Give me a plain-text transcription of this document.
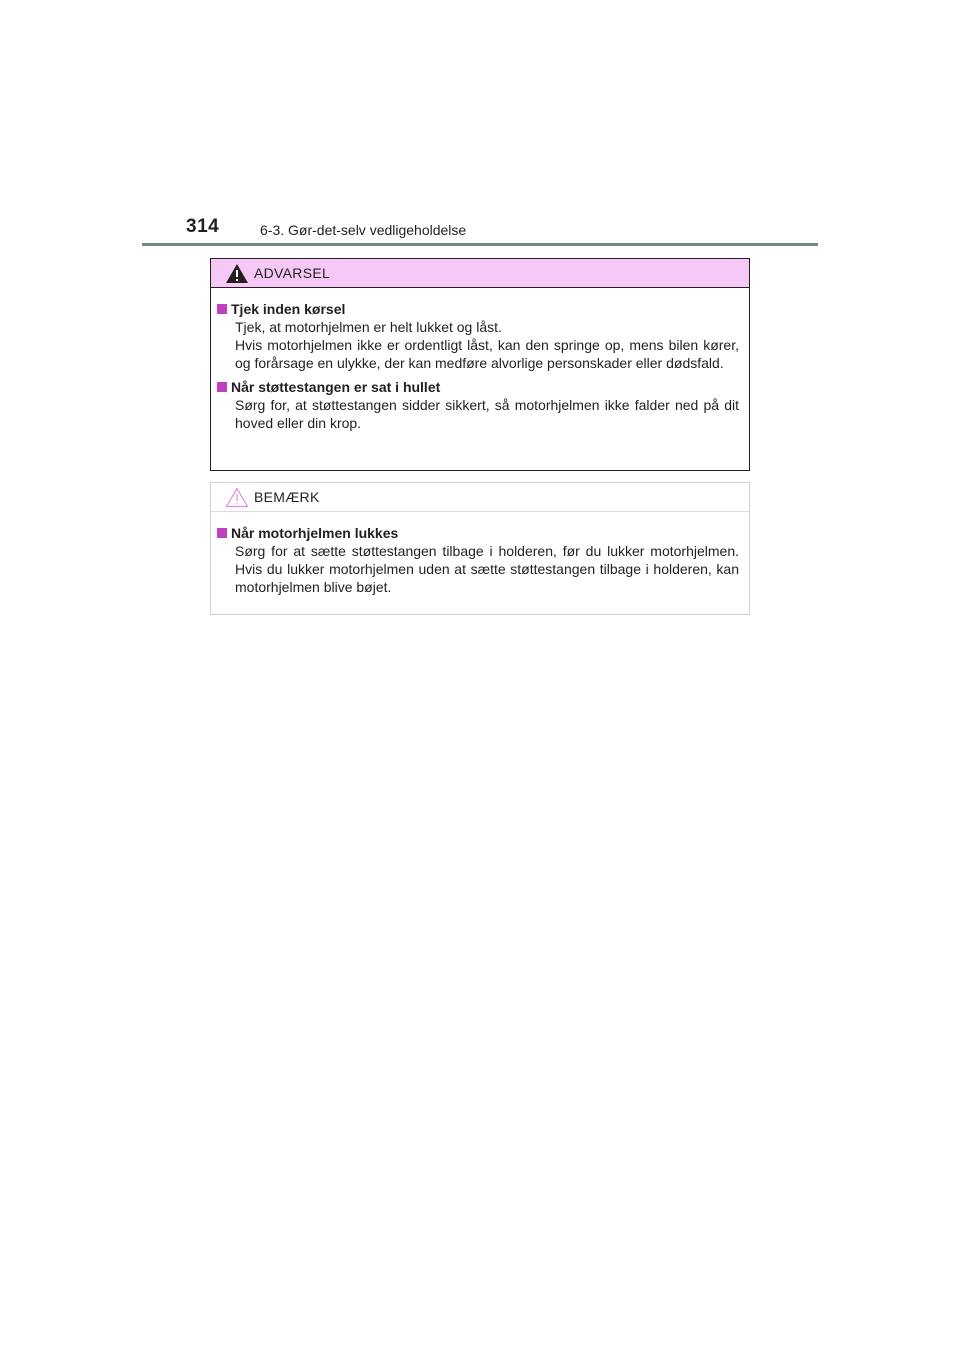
314	6-3. Gør-det-selv vedligeholdelse
ADVARSEL
Tjek inden kørsel
Tjek, at motorhjelmen er helt lukket og låst.
Hvis motorhjelmen ikke er ordentligt låst, kan den springe op, mens bilen kører, og forårsage en ulykke, der kan medføre alvorlige personskader eller dødsfald.
Når støttestangen er sat i hullet
Sørg for, at støttestangen sidder sikkert, så motorhjelmen ikke falder ned på dit hoved eller din krop.
BEMÆRK
Når motorhjelmen lukkes
Sørg for at sætte støttestangen tilbage i holderen, før du lukker motorhjelmen. Hvis du lukker motorhjelmen uden at sætte støttestangen tilbage i holderen, kan motorhjelmen blive bøjet.
